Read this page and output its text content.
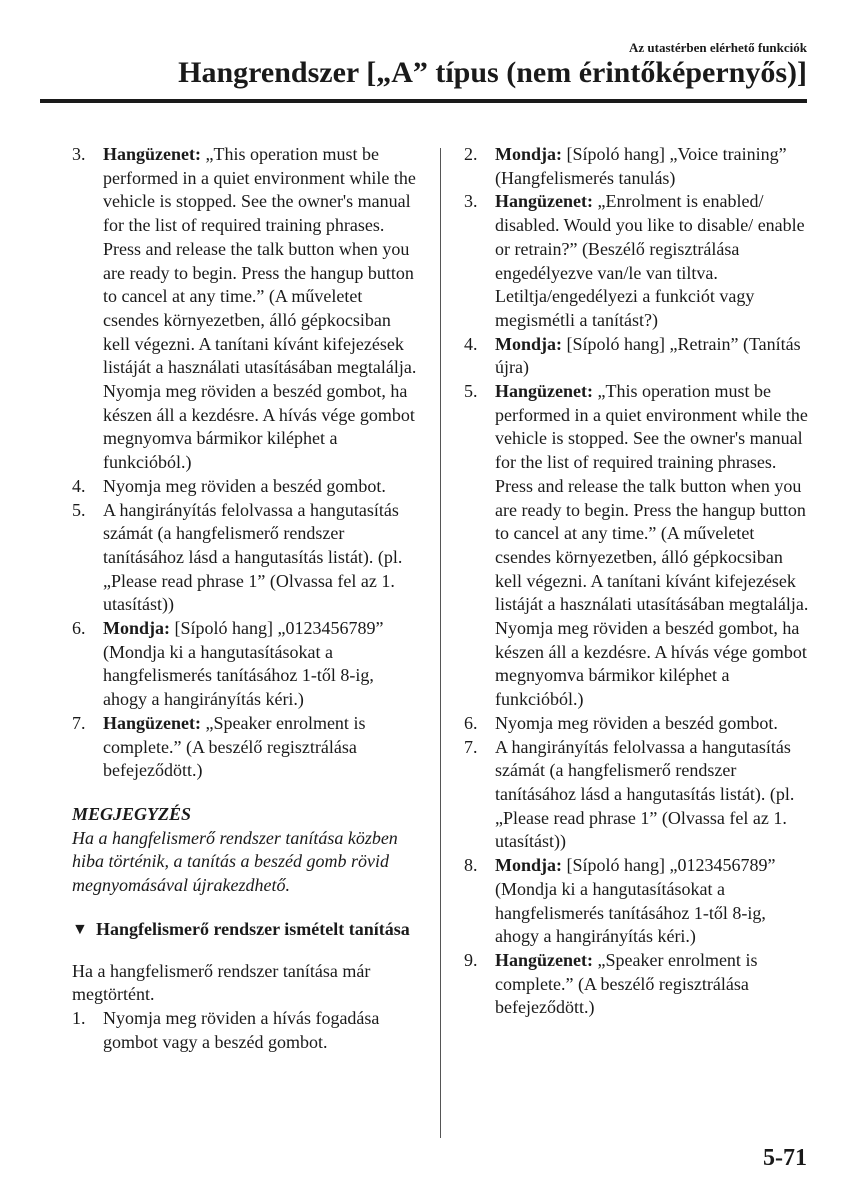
Az utastérben elérhető funkciók
Hangrendszer [„A” típus (nem érintőképernyős)]
3. Hangüzenet: „This operation must be performed in a quiet environment while the vehicle is stopped. See the owner's manual for the list of required training phrases. Press and release the talk button when you are ready to begin. Press the hangup button to cancel at any time.” (A műveletet csendes környezetben, álló gépkocsiban kell végezni. A tanítani kívánt kifejezések listáját a használati utasításában megtalálja. Nyomja meg röviden a beszéd gombot, ha készen áll a kezdésre. A hívás vége gombot megnyomva bármikor kiléphet a funkcióból.)
4. Nyomja meg röviden a beszéd gombot.
5. A hangirányítás felolvassa a hangutasítás számát (a hangfelismerő rendszer tanításához lásd a hangutasítás listát). (pl. „Please read phrase 1” (Olvassa fel az 1. utasítást))
6. Mondja: [Sípoló hang] „0123456789” (Mondja ki a hangutasításokat a hangfelismerés tanításához 1-től 8-ig, ahogy a hangirányítás kéri.)
7. Hangüzenet: „Speaker enrolment is complete.” (A beszélő regisztrálása befejeződött.)
MEGJEGYZÉS
Ha a hangfelismerő rendszer tanítása közben hiba történik, a tanítás a beszéd gomb rövid megnyomásával újrakezdhető.
▼ Hangfelismerő rendszer ismételt tanítása
Ha a hangfelismerő rendszer tanítása már megtörtént.
1. Nyomja meg röviden a hívás fogadása gombot vagy a beszéd gombot.
2. Mondja: [Sípoló hang] „Voice training” (Hangfelismerés tanulás)
3. Hangüzenet: „Enrolment is enabled/ disabled. Would you like to disable/ enable or retrain?” (Beszélő regisztrálása engedélyezve van/le van tiltva. Letiltja/engedélyezi a funkciót vagy megismétli a tanítást?)
4. Mondja: [Sípoló hang] „Retrain” (Tanítás újra)
5. Hangüzenet: „This operation must be performed in a quiet environment while the vehicle is stopped. See the owner's manual for the list of required training phrases. Press and release the talk button when you are ready to begin. Press the hangup button to cancel at any time.” (A műveletet csendes környezetben, álló gépkocsiban kell végezni. A tanítani kívánt kifejezések listáját a használati utasításában megtalálja. Nyomja meg röviden a beszéd gombot, ha készen áll a kezdésre. A hívás vége gombot megnyomva bármikor kiléphet a funkcióból.)
6. Nyomja meg röviden a beszéd gombot.
7. A hangirányítás felolvassa a hangutasítás számát (a hangfelismerő rendszer tanításához lásd a hangutasítás listát). (pl. „Please read phrase 1” (Olvassa fel az 1. utasítást))
8. Mondja: [Sípoló hang] „0123456789” (Mondja ki a hangutasításokat a hangfelismerés tanításához 1-től 8-ig, ahogy a hangirányítás kéri.)
9. Hangüzenet: „Speaker enrolment is complete.” (A beszélő regisztrálása befejeződött.)
5-71
